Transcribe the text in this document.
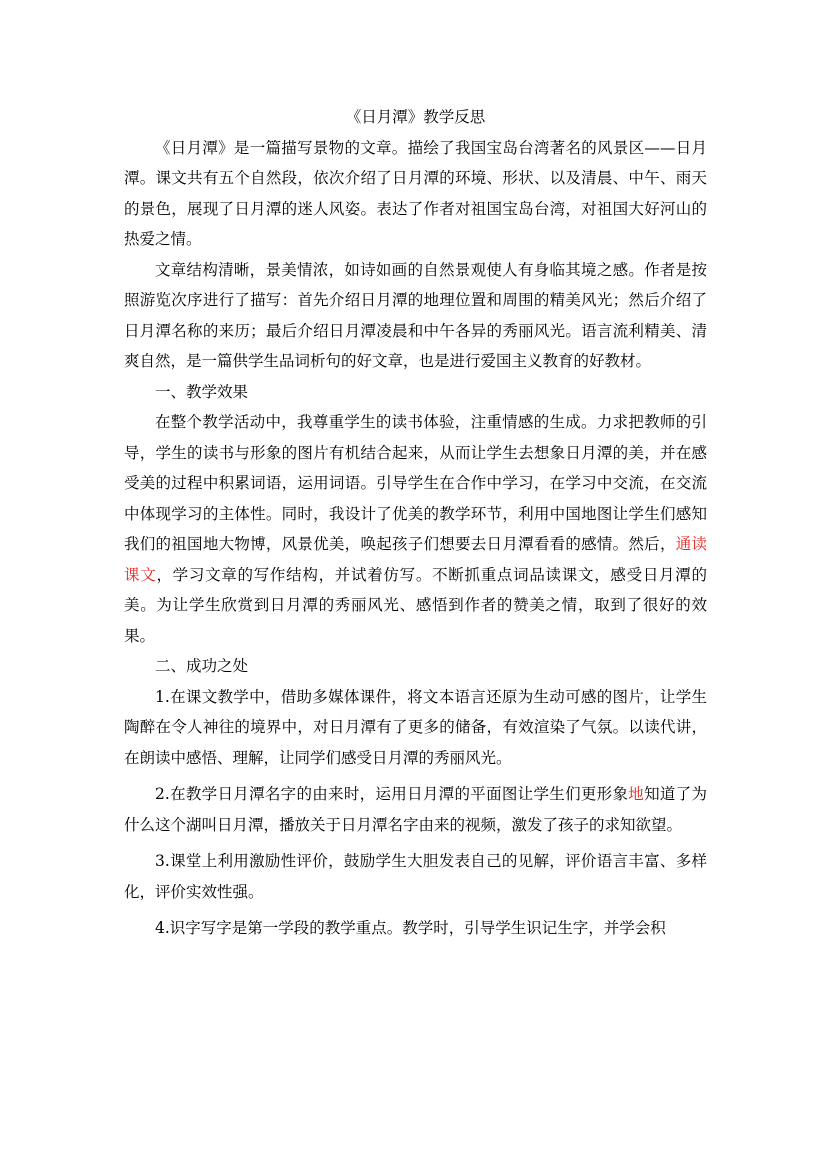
《日月潭》教学反思

《日月潭》是一篇描写景物的文章。描绘了我国宝岛台湾著名的风景区——日月潭。课文共有五个自然段，依次介绍了日月潭的环境、形状、以及清晨、中午、雨天的景色，展现了日月潭的迷人风姿。表达了作者对祖国宝岛台湾，对祖国大好河山的热爱之情。

文章结构清晰，景美情浓，如诗如画的自然景观使人有身临其境之感。作者是按照游览次序进行了描写：首先介绍日月潭的地理位置和周围的精美风光；然后介绍了日月潭名称的来历；最后介绍日月潭凌晨和中午各异的秀丽风光。语言流利精美、清爽自然，是一篇供学生品词析句的好文章，也是进行爱国主义教育的好教材。

一、教学效果

在整个教学活动中，我尊重学生的读书体验，注重情感的生成。力求把教师的引导，学生的读书与形象的图片有机结合起来，从而让学生去想象日月潭的美，并在感受美的过程中积累词语，运用词语。引导学生在合作中学习，在学习中交流，在交流中体现学习的主体性。同时，我设计了优美的教学环节，利用中国地图让学生们感知我们的祖国地大物博，风景优美，唤起孩子们想要去日月潭看看的感情。然后，通读课文，学习文章的写作结构，并试着仿写。不断抓重点词品读课文，感受日月潭的美。为让学生欣赏到日月潭的秀丽风光、感悟到作者的赞美之情，取到了很好的效果。

二、成功之处

1.在课文教学中，借助多媒体课件，将文本语言还原为生动可感的图片，让学生陶醉在令人神往的境界中，对日月潭有了更多的储备，有效渲染了气氛。以读代讲，在朗读中感悟、理解，让同学们感受日月潭的秀丽风光。

2.在教学日月潭名字的由来时，运用日月潭的平面图让学生们更形象地知道了为什么这个湖叫日月潭，播放关于日月潭名字由来的视频，激发了孩子的求知欲望。

3.课堂上利用激励性评价，鼓励学生大胆发表自己的见解，评价语言丰富、多样化，评价实效性强。

4.识字写字是第一学段的教学重点。教学时，引导学生识记生字，并学会积
